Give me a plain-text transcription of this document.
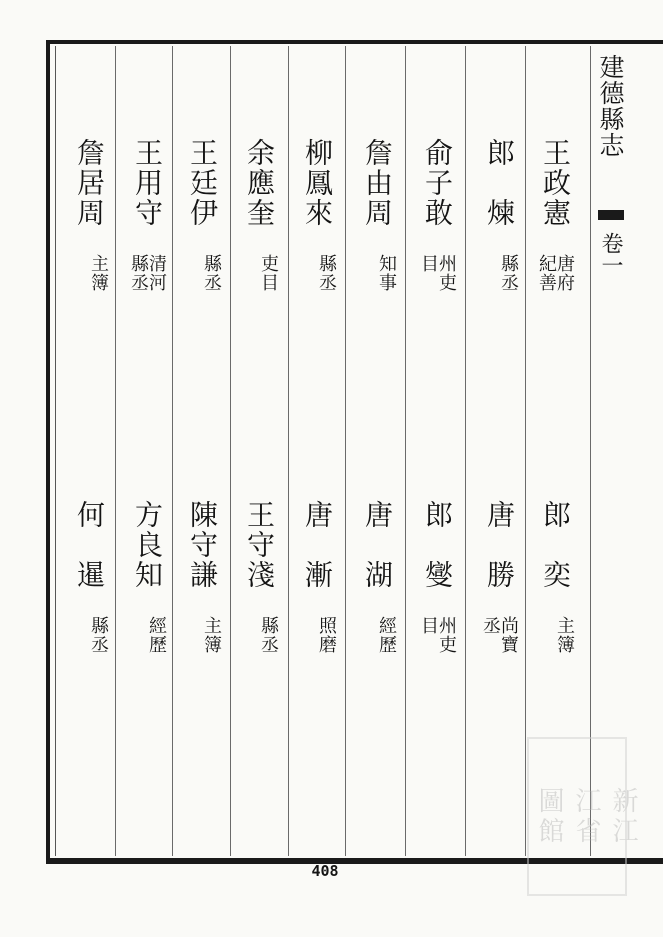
建德縣志
卷一
王政憲
唐府
紀善
郎　煉
縣丞
俞子敢
州吏
目
詹由周
知事
柳鳳來
縣丞
余應奎
吏目
王廷伊
縣丞
王用守
清河
縣丞
詹居周
主簿
郎　奕
主簿
唐　勝
尚寶
丞
郎　燮
州吏
目
唐　湖
經歷
唐　漸
照磨
王守淺
縣丞
陳守謙
主簿
方良知
經歷
何　暹
縣丞
408
新江
江省
圖館
